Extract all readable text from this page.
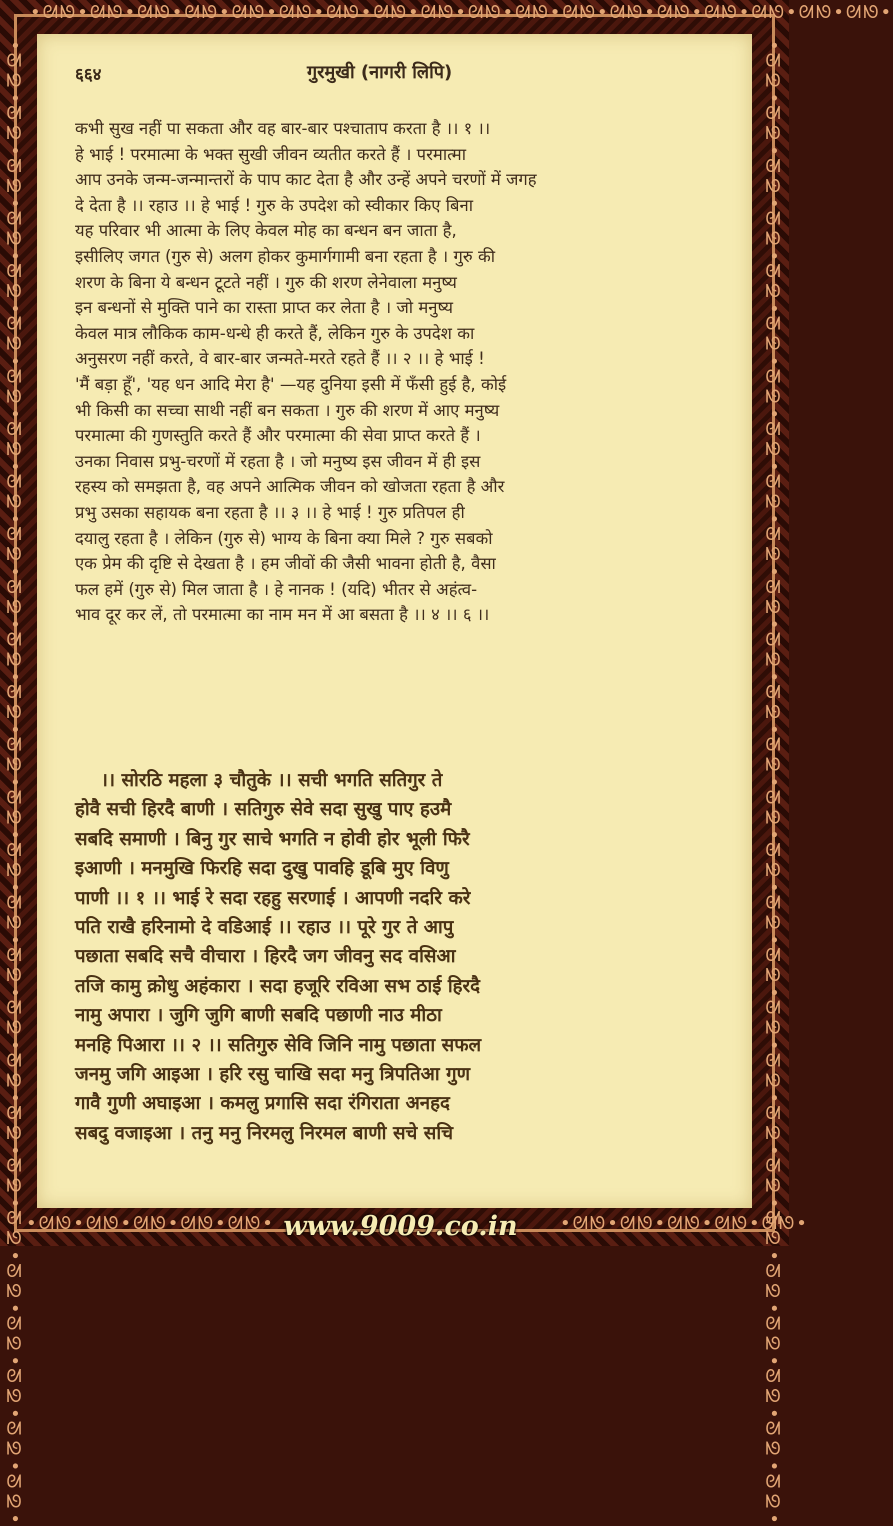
•ᘛᘚ•ᘛᘚ•ᘛᘚ•ᘛᘚ•ᘛᘚ•ᘛᘚ•ᘛᘚ•ᘛᘚ•ᘛᘚ•ᘛᘚ•ᘛᘚ•ᘛᘚ•ᘛᘚ•ᘛᘚ•ᘛᘚ•ᘛᘚ•ᘛᘚ•ᘛᘚ•
•ᘛᘚ•ᘛᘚ•ᘛᘚ•ᘛᘚ•ᘛᘚ•ᘛᘚ•ᘛᘚ•ᘛᘚ•ᘛᘚ•ᘛᘚ•ᘛᘚ•ᘛᘚ•ᘛᘚ•ᘛᘚ•ᘛᘚ•ᘛᘚ•ᘛᘚ•ᘛᘚ•ᘛᘚ•ᘛᘚ•ᘛᘚ•ᘛᘚ•ᘛᘚ•ᘛᘚ•ᘛᘚ•ᘛᘚ•ᘛᘚ•ᘛᘚ•	•ᘛᘚ•ᘛᘚ•ᘛᘚ•ᘛᘚ•ᘛᘚ•ᘛᘚ•ᘛᘚ•ᘛᘚ•ᘛᘚ•ᘛᘚ•ᘛᘚ•ᘛᘚ•ᘛᘚ•ᘛᘚ•ᘛᘚ•ᘛᘚ•ᘛᘚ•ᘛᘚ•ᘛᘚ•ᘛᘚ•ᘛᘚ•ᘛᘚ•ᘛᘚ•ᘛᘚ•ᘛᘚ•ᘛᘚ•ᘛᘚ•ᘛᘚ•
•ᘛᘚ•ᘛᘚ•ᘛᘚ•ᘛᘚ•ᘛᘚ•	•ᘛᘚ•ᘛᘚ•ᘛᘚ•ᘛᘚ•ᘛᘚ•
६६४	गुरमुखी (नागरी लिपि)
कभी सुख नहीं पा सकता और वह बार-बार पश्चाताप करता है ।। १ ।।
हे भाई ! परमात्मा के भक्त सुखी जीवन व्यतीत करते हैं । परमात्मा
आप उनके जन्म-जन्मान्तरों के पाप काट देता है और उन्हें अपने चरणों में जगह
दे देता है ।। रहाउ ।। हे भाई ! गुरु के उपदेश को स्वीकार किए बिना
यह परिवार भी आत्मा के लिए केवल मोह का बन्धन बन जाता है,
इसीलिए जगत (गुरु से) अलग होकर कुमार्गगामी बना रहता है । गुरु की
शरण के बिना ये बन्धन टूटते नहीं । गुरु की शरण लेनेवाला मनुष्य
इन बन्धनों से मुक्ति पाने का रास्ता प्राप्त कर लेता है । जो मनुष्य
केवल मात्र लौकिक काम-धन्धे ही करते हैं, लेकिन गुरु के उपदेश का
अनुसरण नहीं करते, वे बार-बार जन्मते-मरते रहते हैं ।। २ ।। हे भाई !
'मैं बड़ा हूँ', 'यह धन आदि मेरा है' —यह दुनिया इसी में फँसी हुई है, कोई
भी किसी का सच्चा साथी नहीं बन सकता । गुरु की शरण में आए मनुष्य
परमात्मा की गुणस्तुति करते हैं और परमात्मा की सेवा प्राप्त करते हैं ।
उनका निवास प्रभु-चरणों में रहता है । जो मनुष्य इस जीवन में ही इस
रहस्य को समझता है, वह अपने आत्मिक जीवन को खोजता रहता है और
प्रभु उसका सहायक बना रहता है ।। ३ ।। हे भाई ! गुरु प्रतिपल ही
दयालु रहता है । लेकिन (गुरु से) भाग्य के बिना क्या मिले ? गुरु सबको
एक प्रेम की दृष्टि से देखता है । हम जीवों की जैसी भावना होती है, वैसा
फल हमें (गुरु से) मिल जाता है । हे नानक ! (यदि) भीतर से अहंत्व-
भाव दूर कर लें, तो परमात्मा का नाम मन में आ बसता है ।। ४ ।। ६ ।।
।। सोरठि महला ३ चौतुके ।। सची भगति सतिगुर ते
होवै सची हिरदै बाणी । सतिगुरु सेवे सदा सुखु पाए हउमै
सबदि समाणी । बिनु गुर साचे भगति न होवी होर भूली फिरै
इआणी । मनमुखि फिरहि सदा दुखु पावहि डूबि मुए विणु
पाणी ।। १ ।। भाई रे सदा रहहु सरणाई । आपणी नदरि करे
पति राखै हरिनामो दे वडिआई ।। रहाउ ।। पूरे गुर ते आपु
पछाता सबदि सचै वीचारा । हिरदै जग जीवनु सद वसिआ
तजि कामु क्रोधु अहंकारा । सदा हजूरि रविआ सभ ठाई हिरदै
नामु अपारा । जुगि जुगि बाणी सबदि पछाणी नाउ मीठा
मनहि पिआरा ।। २ ।। सतिगुरु सेवि जिनि नामु पछाता सफल
जनमु जगि आइआ । हरि रसु चाखि सदा मनु त्रिपतिआ गुण
गावै गुणी अघाइआ । कमलु प्रगासि सदा रंगिराता अनहद
सबदु वजाइआ । तनु मनु निरमलु निरमल बाणी सचे सचि
www.9009.co.in
